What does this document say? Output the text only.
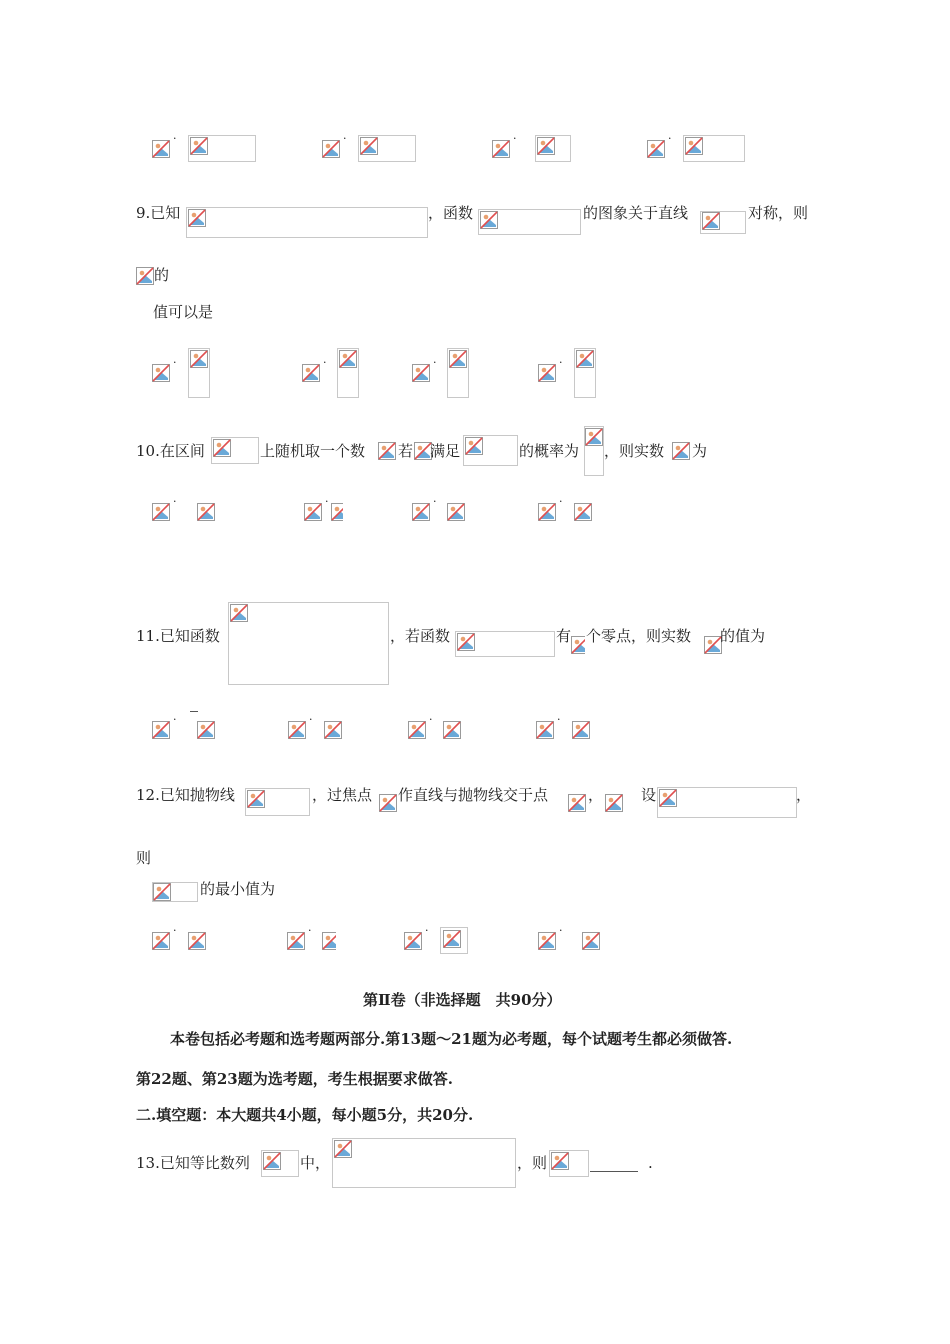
·	·	·	·
9.已知	，函数	的图象关于直线	对称，则
的
值可以是
·	·	·	·
10.在区间	上随机取一个数 若 满足	的概率为 ，则实数 为
·	·	·	·
11.已知函数	，若函数	有 个零点，则实数 的值为
·	·	·	·
12.已知抛物线	，过焦点 作直线与抛物线交于点	，	设	，
则
的最小值为
·	·	·	·
第Ⅱ卷（非选择题　共90分）
本卷包括必考题和选考题两部分.第13题～21题为必考题，每个试题考生都必须做答.
第22题、第23题为选考题，考生根据要求做答.
二.填空题：本大题共4小题，每小题5分，共20分.
13.已知等比数列	中，	，则	.
